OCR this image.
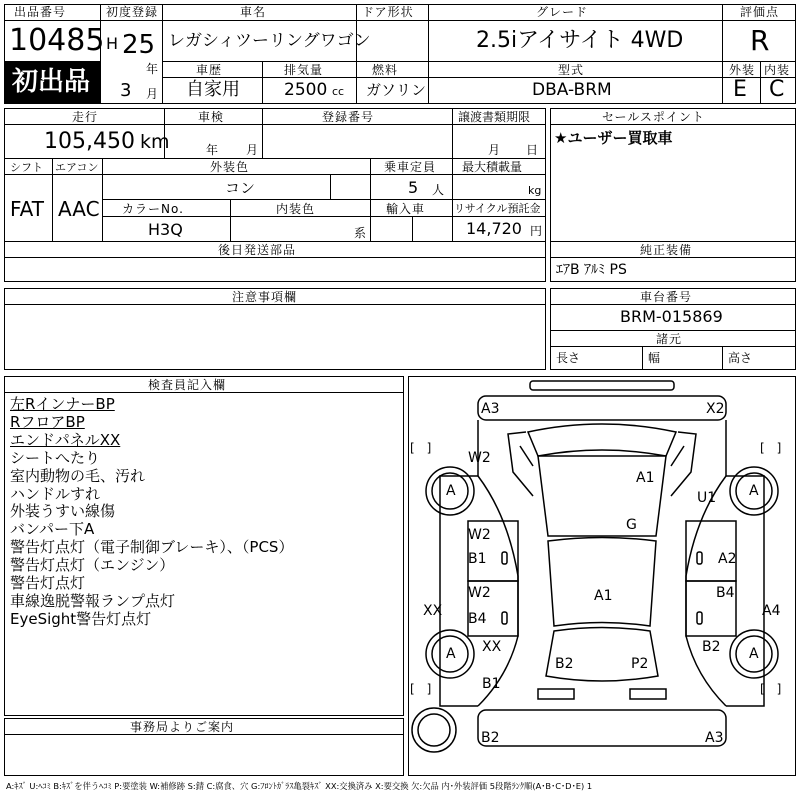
出品番号
10485
初出品
初度登録
H 25
年
3 月
車名
レガシィツーリングワゴン
ドア形状	グレード
2.5iアイサイト 4WD
評価点
R
車歴
自家用
排気量
2500 cc
燃料
ガソリン
型式
DBA-BRM
外装
E
内装
C
走行
105,450 km
車検
年 月
登録番号	譲渡書類期限
月 日
シフト
FAT
エアコン
AAC
外装色
コン
乗車定員
5 人
最大積載量
kg
カラーNo.
H3Q
内装色
系
輸入車	リサイクル預託金
14,720 円
後日発送部品
注意事項欄
セールスポイント
★ユーザー買取車
純正装備
ｴｱB ｱﾙﾐ PS
車台番号
BRM-015869
諸元
長さ	幅	高さ
検査員記入欄
左RインナーBP
RフロアBP
エンドパネルXX
シートへたり
室内動物の毛、汚れ
ハンドルすれ
外装うすい線傷
バンパー下A
警告灯点灯（電子制御ブレーキ）、（PCS）
警告灯点灯（エンジン）
警告灯点灯
車線逸脱警報ランプ点灯
EyeSight警告灯点灯
事務局よりご案内
A3	X2
[　]	[　]
W2
A
A1
U1 A
G
W2
B1	A2
XX
W2
B4
A1	B4
A4
A XX
B2	P2
B2 A
[　]	[　]
B1
B2	A3
A:ｷｽﾞ U:ﾍｺﾐ B:ｷｽﾞを伴うﾍｺﾐ P:要塗装 W:補修跡 S:錆 C:腐食、穴 G:ﾌﾛﾝﾄｶﾞﾗｽ亀裂ｷｽﾞ XX:交換済み X:要交換 欠:欠品 内･外装評価 5段階ﾗﾝｸ順(A･B･C･D･E) 1
